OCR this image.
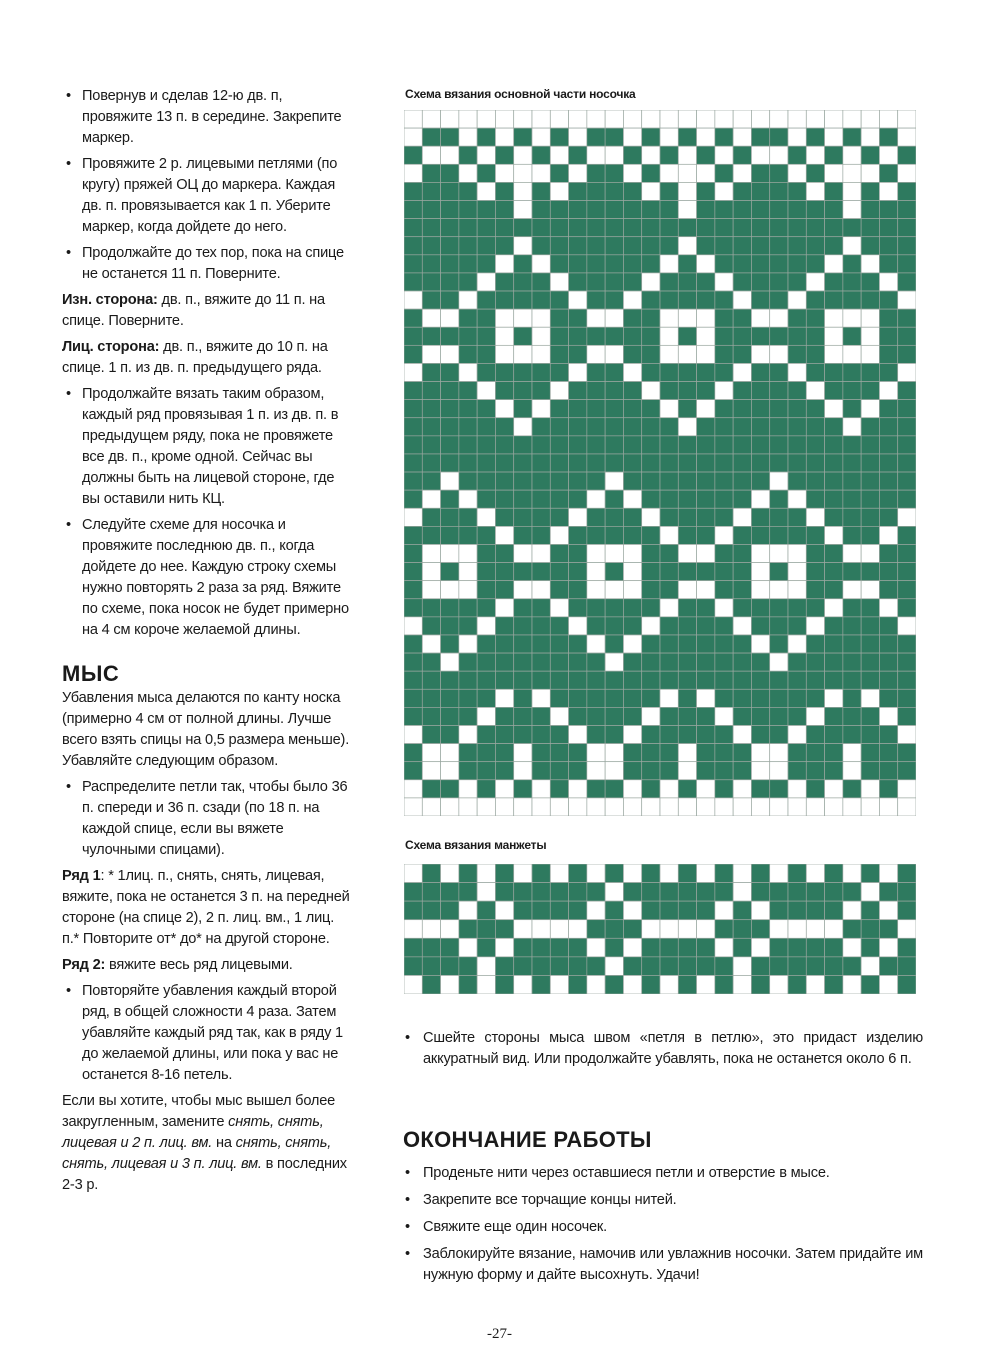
• Повернув и сделав 12-ю дв. п, провяжите 13 п. в середине. Закрепите маркер.
• Провяжите 2 р. лицевыми петлями (по кругу) пряжей ОЦ до маркера. Каждая дв. п. провязывается как 1 п. Уберите маркер, когда дойдете до него.
• Продолжайте до тех пор, пока на спице не останется 11 п. Поверните.

Изн. сторона: дв. п., вяжите до 11 п. на спице. Поверните.

Лиц. сторона: дв. п., вяжите до 10 п. на спице. 1 п. из дв. п. предыдущего ряда.

• Продолжайте вязать таким образом, каждый ряд провязывая 1 п. из дв. п. в предыдущем ряду, пока не провяжете все дв. п., кроме одной. Сейчас вы должны быть на лицевой стороне, где вы оставили нить КЦ.
• Следуйте схеме для носочка и провяжите последнюю дв. п., когда дойдете до нее. Каждую строку схемы нужно повторять 2 раза за ряд. Вяжите по схеме, пока носок не будет примерно на 4 см короче желаемой длины.
МЫС

Убавления мыса делаются по канту носка (примерно 4 см от полной длины. Лучше всего взять спицы на 0,5 размера меньше). Убавляйте следующим образом.

• Распределите петли так, чтобы было 36 п. спереди и 36 п. сзади (по 18 п. на каждой спице, если вы вяжете чулочными спицами).

Ряд 1: * 1лиц. п., снять, снять, лицевая, вяжите, пока не останется 3 п. на передней стороне (на спице 2), 2 п. лиц. вм., 1 лиц. п.* Повторите от* до* на другой стороне.

Ряд 2: вяжите весь ряд лицевыми.

• Повторяйте убавления каждый второй ряд, в общей сложности 4 раза. Затем убавляйте каждый ряд так, как в ряду 1 до желаемой длины, или пока у вас не останется 8-16 петель.

Если вы хотите, чтобы мыс вышел более закругленным, замените снять, снять, лицевая и 2 п. лиц. вм. на снять, снять, снять, лицевая и 3 п. лиц. вм. в последних 2-3 р.

Схема вязания основной части носочка
Схема вязания манжеты
• Сшейте стороны мыса швом «петля в петлю», это придаст изделию аккуратный вид. Или продолжайте убавлять, пока не останется около 6 п.
ОКОНЧАНИЕ РАБОТЫ
• Проденьте нити через оставшиеся петли и отверстие в мысе.
• Закрепите все торчащие концы нитей.
• Свяжите еще один носочек.
• Заблокируйте вязание, намочив или увлажнив носочки. Затем придайте им нужную форму и дайте высохнуть. Удачи!
-27-
